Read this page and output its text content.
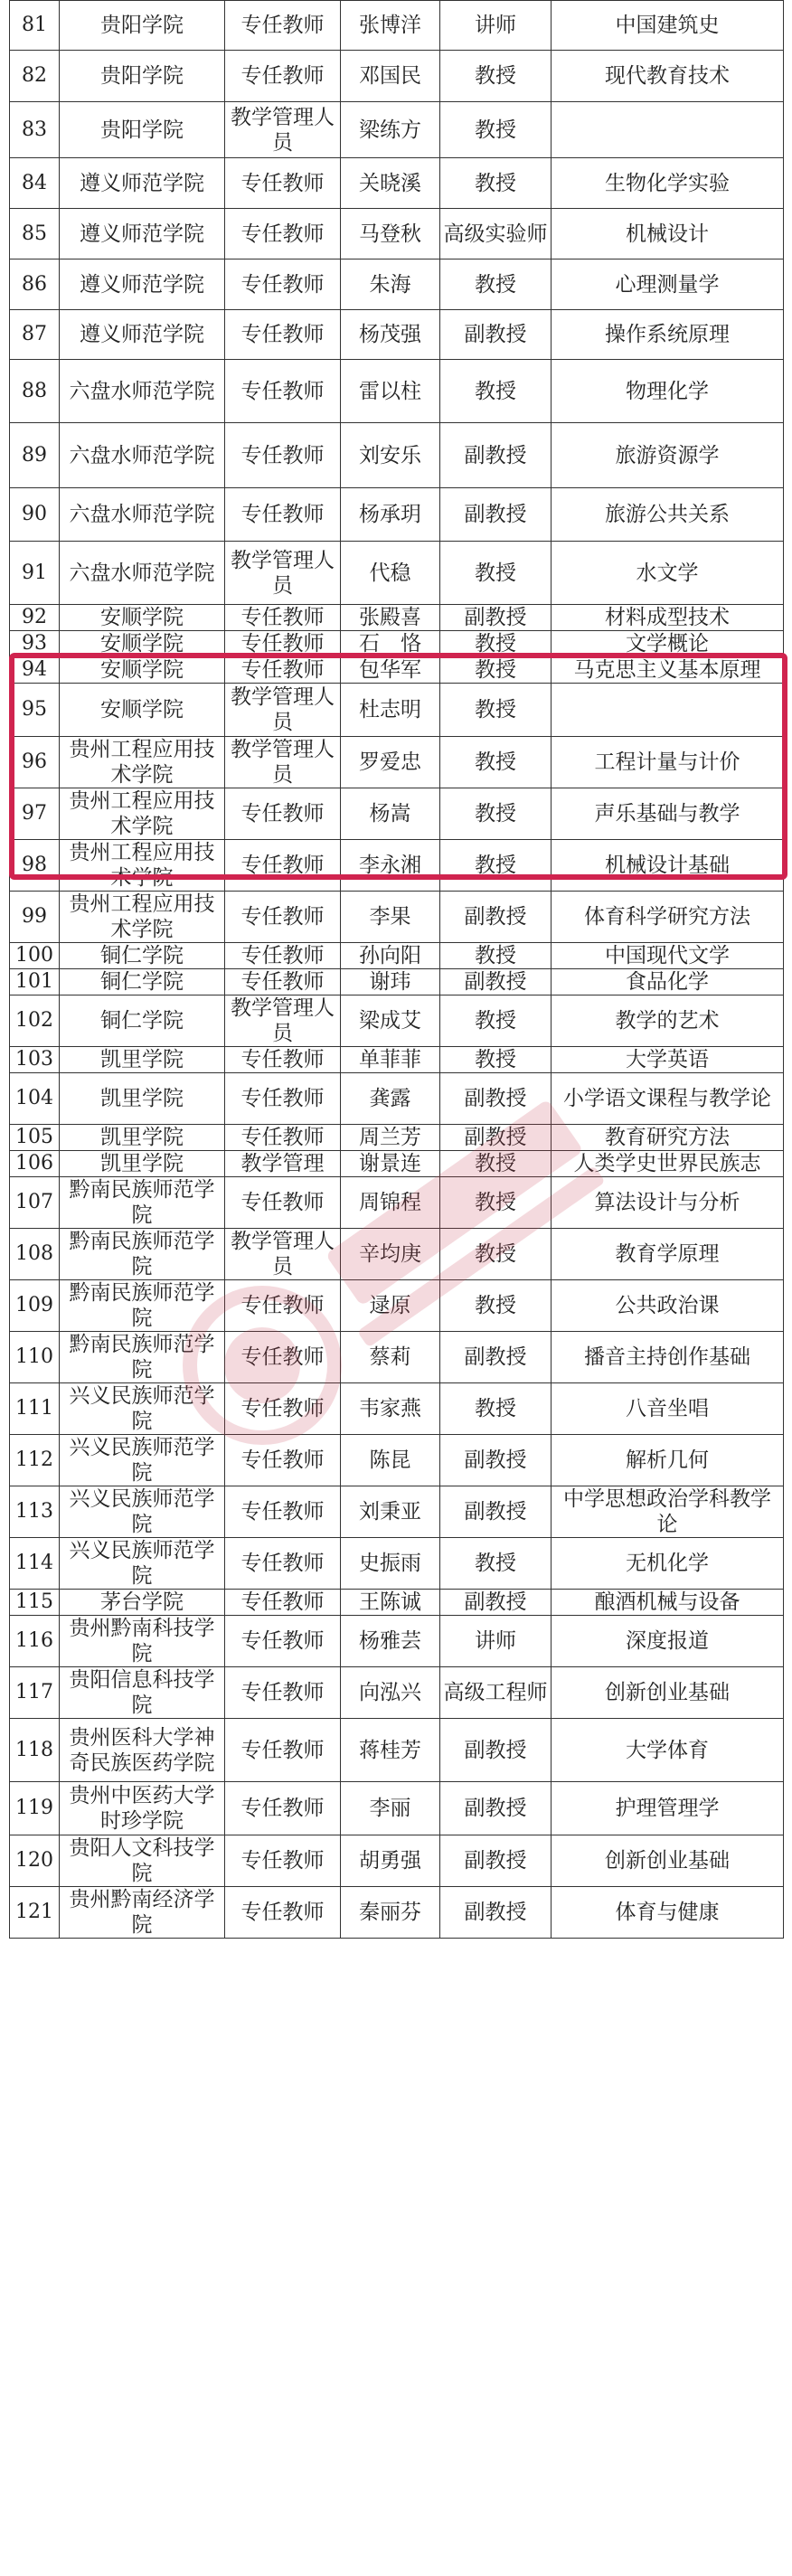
81	贵阳学院	专任教师	张博洋	讲师	中国建筑史
82	贵阳学院	专任教师	邓国民	教授	现代教育技术
83	贵阳学院	教学管理人员	梁练方	教授	
84	遵义师范学院	专任教师	关晓溪	教授	生物化学实验
85	遵义师范学院	专任教师	马登秋	高级实验师	机械设计
86	遵义师范学院	专任教师	朱海	教授	心理测量学
87	遵义师范学院	专任教师	杨茂强	副教授	操作系统原理
88	六盘水师范学院	专任教师	雷以柱	教授	物理化学
89	六盘水师范学院	专任教师	刘安乐	副教授	旅游资源学
90	六盘水师范学院	专任教师	杨承玥	副教授	旅游公共关系
91	六盘水师范学院	教学管理人员	代稳	教授	水文学
92	安顺学院	专任教师	张殿喜	副教授	材料成型技术
93	安顺学院	专任教师	石　恪	教授	文学概论
94	安顺学院	专任教师	包华军	教授	马克思主义基本原理
95	安顺学院	教学管理人员	杜志明	教授	
96	贵州工程应用技术学院	教学管理人员	罗爱忠	教授	工程计量与计价
97	贵州工程应用技术学院	专任教师	杨嵩	教授	声乐基础与教学
98	贵州工程应用技术学院	专任教师	李永湘	教授	机械设计基础
99	贵州工程应用技术学院	专任教师	李果	副教授	体育科学研究方法
100	铜仁学院	专任教师	孙向阳	教授	中国现代文学
101	铜仁学院	专任教师	谢玮	副教授	食品化学
102	铜仁学院	教学管理人员	梁成艾	教授	教学的艺术
103	凯里学院	专任教师	单菲菲	教授	大学英语
104	凯里学院	专任教师	龚露	副教授	小学语文课程与教学论
105	凯里学院	专任教师	周兰芳	副教授	教育研究方法
106	凯里学院	教学管理	谢景连	教授	人类学史世界民族志
107	黔南民族师范学院	专任教师	周锦程	教授	算法设计与分析
108	黔南民族师范学院	教学管理人员	辛均庚	教授	教育学原理
109	黔南民族师范学院	专任教师	逯原	教授	公共政治课
110	黔南民族师范学院	专任教师	蔡莉	副教授	播音主持创作基础
111	兴义民族师范学院	专任教师	韦家燕	教授	八音坐唱
112	兴义民族师范学院	专任教师	陈昆	副教授	解析几何
113	兴义民族师范学院	专任教师	刘秉亚	副教授	中学思想政治学科教学论
114	兴义民族师范学院	专任教师	史振雨	教授	无机化学
115	茅台学院	专任教师	王陈诚	副教授	酿酒机械与设备
116	贵州黔南科技学院	专任教师	杨雅芸	讲师	深度报道
117	贵阳信息科技学院	专任教师	向泓兴	高级工程师	创新创业基础
118	贵州医科大学神奇民族医药学院	专任教师	蒋桂芳	副教授	大学体育
119	贵州中医药大学时珍学院	专任教师	李丽	副教授	护理管理学
120	贵阳人文科技学院	专任教师	胡勇强	副教授	创新创业基础
121	贵州黔南经济学院	专任教师	秦丽芬	副教授	体育与健康
